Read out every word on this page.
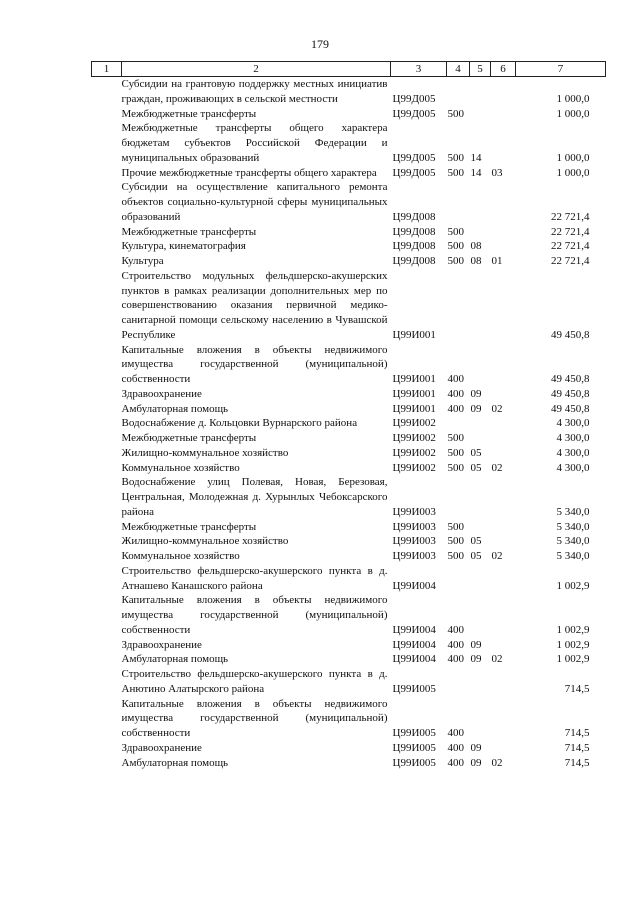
179
1	2	3	4	5	6	7
	Субсидии на грантовую поддержку местных инициатив граждан, проживающих в сельской местности	Ц99Д005				1 000,0
	Межбюджетные трансферты	Ц99Д005	500			1 000,0
	Межбюджетные трансферты общего характера бюджетам субъектов Российской Федерации и муниципальных образований	Ц99Д005	500	14		1 000,0
	Прочие межбюджетные трансферты общего характера	Ц99Д005	500	14	03	1 000,0
	Субсидии на осуществление капитального ремонта объектов социально-культурной сферы муниципальных образований	Ц99Д008				22 721,4
	Межбюджетные трансферты	Ц99Д008	500			22 721,4
	Культура, кинематография	Ц99Д008	500	08		22 721,4
	Культура	Ц99Д008	500	08	01	22 721,4
	Строительство модульных фельдшерско-акушерских пунктов в рамках реализации дополнительных мер по совершенствованию оказания первичной медико-санитарной помощи сельскому населению в Чувашской Республике	Ц99И001				49 450,8
	Капитальные вложения в объекты недвижимого имущества государственной (муниципальной) собственности	Ц99И001	400			49 450,8
	Здравоохранение	Ц99И001	400	09		49 450,8
	Амбулаторная помощь	Ц99И001	400	09	02	49 450,8
	Водоснабжение д. Кольцовки Вурнарского района	Ц99И002				4 300,0
	Межбюджетные трансферты	Ц99И002	500			4 300,0
	Жилищно-коммунальное хозяйство	Ц99И002	500	05		4 300,0
	Коммунальное хозяйство	Ц99И002	500	05	02	4 300,0
	Водоснабжение улиц Полевая, Новая, Березовая, Центральная, Молодежная д. Хурынлых Чебоксарского района	Ц99И003				5 340,0
	Межбюджетные трансферты	Ц99И003	500			5 340,0
	Жилищно-коммунальное хозяйство	Ц99И003	500	05		5 340,0
	Коммунальное хозяйство	Ц99И003	500	05	02	5 340,0
	Строительство фельдшерско-акушерского пункта в д. Атнашево Канашского района	Ц99И004				1 002,9
	Капитальные вложения в объекты недвижимого имущества государственной (муниципальной) собственности	Ц99И004	400			1 002,9
	Здравоохранение	Ц99И004	400	09		1 002,9
	Амбулаторная помощь	Ц99И004	400	09	02	1 002,9
	Строительство фельдшерско-акушерского пункта в д. Анютино Алатырского района	Ц99И005				714,5
	Капитальные вложения в объекты недвижимого имущества государственной (муниципальной) собственности	Ц99И005	400			714,5
	Здравоохранение	Ц99И005	400	09		714,5
	Амбулаторная помощь	Ц99И005	400	09	02	714,5
